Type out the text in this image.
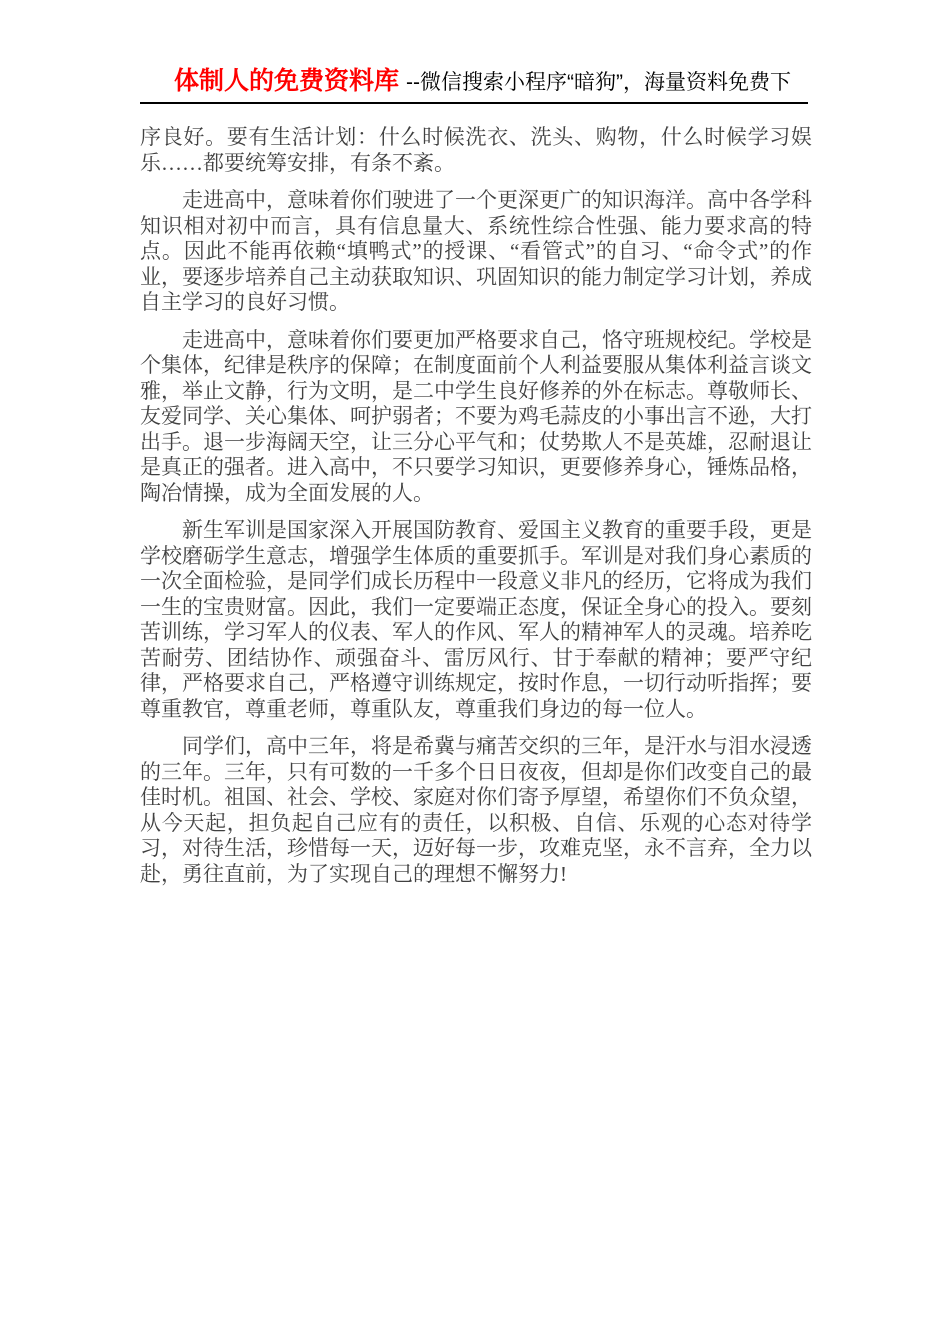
体制人的免费资料库 --微信搜索小程序“暗狗”，海量资料免费下

序良好。要有生活计划：什么时候洗衣、洗头、购物，什么时候学习娱乐……都要统筹安排，有条不紊。

走进高中，意味着你们驶进了一个更深更广的知识海洋。高中各学科知识相对初中而言，具有信息量大、系统性综合性强、能力要求高的特点。因此不能再依赖“填鸭式”的授课、“看管式”的自习、“命令式”的作业，要逐步培养自己主动获取知识、巩固知识的能力制定学习计划，养成自主学习的良好习惯。

走进高中，意味着你们要更加严格要求自己，恪守班规校纪。学校是个集体，纪律是秩序的保障；在制度面前个人利益要服从集体利益言谈文雅，举止文静，行为文明，是二中学生良好修养的外在标志。尊敬师长、友爱同学、关心集体、呵护弱者；不要为鸡毛蒜皮的小事出言不逊，大打出手。退一步海阔天空，让三分心平气和；仗势欺人不是英雄，忍耐退让是真正的强者。进入高中，不只要学习知识，更要修养身心，锤炼品格，陶冶情操，成为全面发展的人。

新生军训是国家深入开展国防教育、爱国主义教育的重要手段，更是学校磨砺学生意志，增强学生体质的重要抓手。军训是对我们身心素质的一次全面检验，是同学们成长历程中一段意义非凡的经历，它将成为我们一生的宝贵财富。因此，我们一定要端正态度，保证全身心的投入。要刻苦训练，学习军人的仪表、军人的作风、军人的精神军人的灵魂。培养吃苦耐劳、团结协作、顽强奋斗、雷厉风行、甘于奉献的精神；要严守纪律，严格要求自己，严格遵守训练规定，按时作息，一切行动听指挥；要尊重教官，尊重老师，尊重队友，尊重我们身边的每一位人。

同学们，高中三年，将是希冀与痛苦交织的三年，是汗水与泪水浸透的三年。三年，只有可数的一千多个日日夜夜，但却是你们改变自己的最佳时机。祖国、社会、学校、家庭对你们寄予厚望，希望你们不负众望，从今天起，担负起自己应有的责任，以积极、自信、乐观的心态对待学习，对待生活，珍惜每一天，迈好每一步，攻难克坚，永不言弃，全力以赴，勇往直前，为了实现自己的理想不懈努力!
